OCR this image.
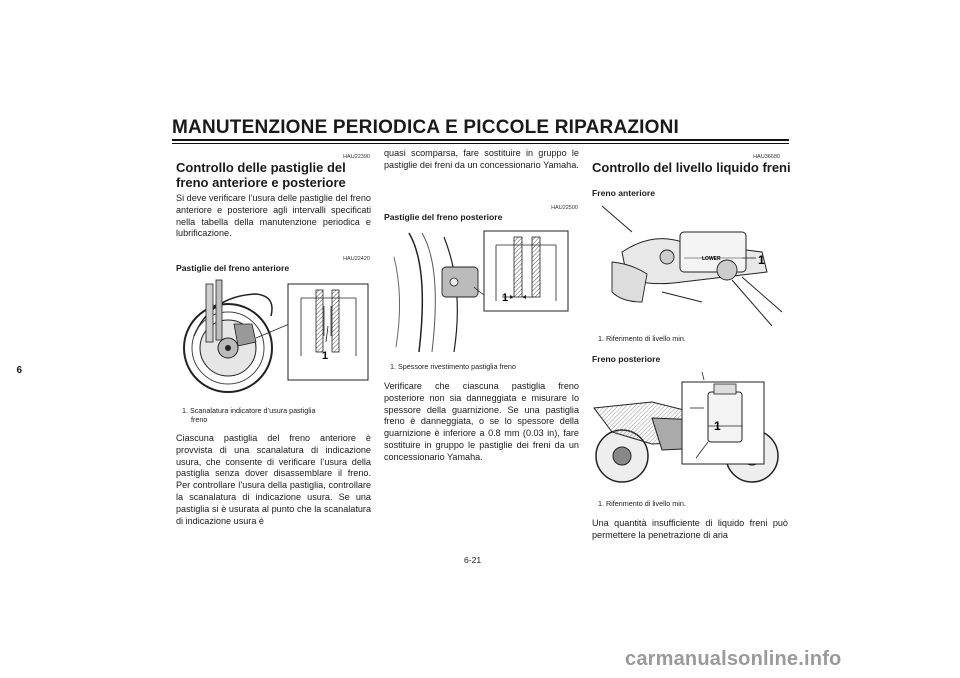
MANUTENZIONE PERIODICA E PICCOLE RIPARAZIONI
6
HAU22390
Controllo delle pastiglie del freno anteriore e posteriore
Si deve verificare l’usura delle pastiglie del freno anteriore e posteriore agli intervalli specificati nella tabella della manutenzione periodica e lubrificazione.
HAU22420
Pastiglie del freno anteriore
1
1. Scanalatura indicatore d’usura pastiglia
freno
Ciascuna pastiglia del freno anteriore è provvista di una scanalatura di indicazione usura, che consente di verificare l’usura della pastiglia senza dover disassemblare il freno. Per controllare l’usura della pastiglia, controllare la scanalatura di indicazione usura. Se una pastiglia si è usurata al punto che la scanalatura di indicazione usura è
quasi scomparsa, fare sostituire in gruppo le pastiglie dei freni da un concessionario Yamaha.
HAU22500
Pastiglie del freno posteriore
1
1. Spessore rivestimento pastiglia freno
Verificare che ciascuna pastiglia freno posteriore non sia danneggiata e misurare lo spessore della guarnizione. Se una pastiglia freno è danneggiata, o se lo spessore della guarnizione è inferiore a 0.8 mm (0.03 in), fare sostituire in gruppo le pastiglie dei freni da un concessionario Yamaha.
HAU36680
Controllo del livello liquido freni
Freno anteriore
LOWER	1
1. Riferimento di livello min.
Freno posteriore
1
1. Riferimento di livello min.
Una quantità insufficiente di liquido freni può permettere la penetrazione di aria
6-21
carmanualsonline.info
